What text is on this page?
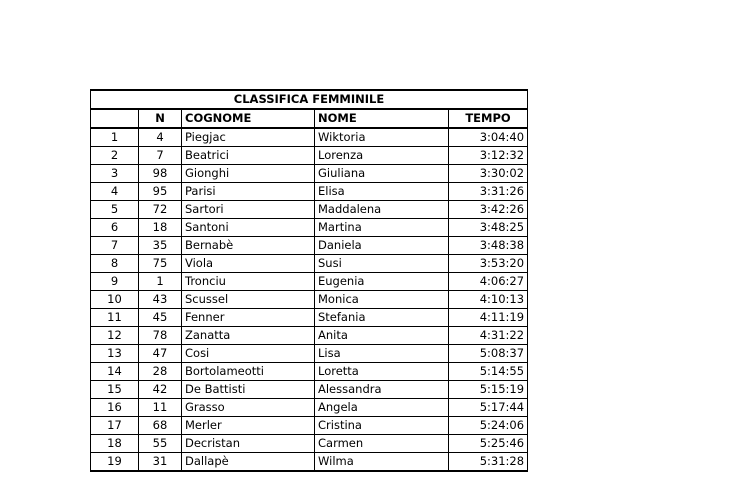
CLASSIFICA FEMMINILE				
	N	COGNOME	NOME	TEMPO
1	4	Piegjac	Wiktoria	3:04:40
2	7	Beatrici	Lorenza	3:12:32
3	98	Gionghi	Giuliana	3:30:02
4	95	Parisi	Elisa	3:31:26
5	72	Sartori	Maddalena	3:42:26
6	18	Santoni	Martina	3:48:25
7	35	Bernabè	Daniela	3:48:38
8	75	Viola	Susi	3:53:20
9	1	Tronciu	Eugenia	4:06:27
10	43	Scussel	Monica	4:10:13
11	45	Fenner	Stefania	4:11:19
12	78	Zanatta	Anita	4:31:22
13	47	Cosi	Lisa	5:08:37
14	28	Bortolameotti	Loretta	5:14:55
15	42	De Battisti	Alessandra	5:15:19
16	11	Grasso	Angela	5:17:44
17	68	Merler	Cristina	5:24:06
18	55	Decristan	Carmen	5:25:46
19	31	Dallapè	Wilma	5:31:28
